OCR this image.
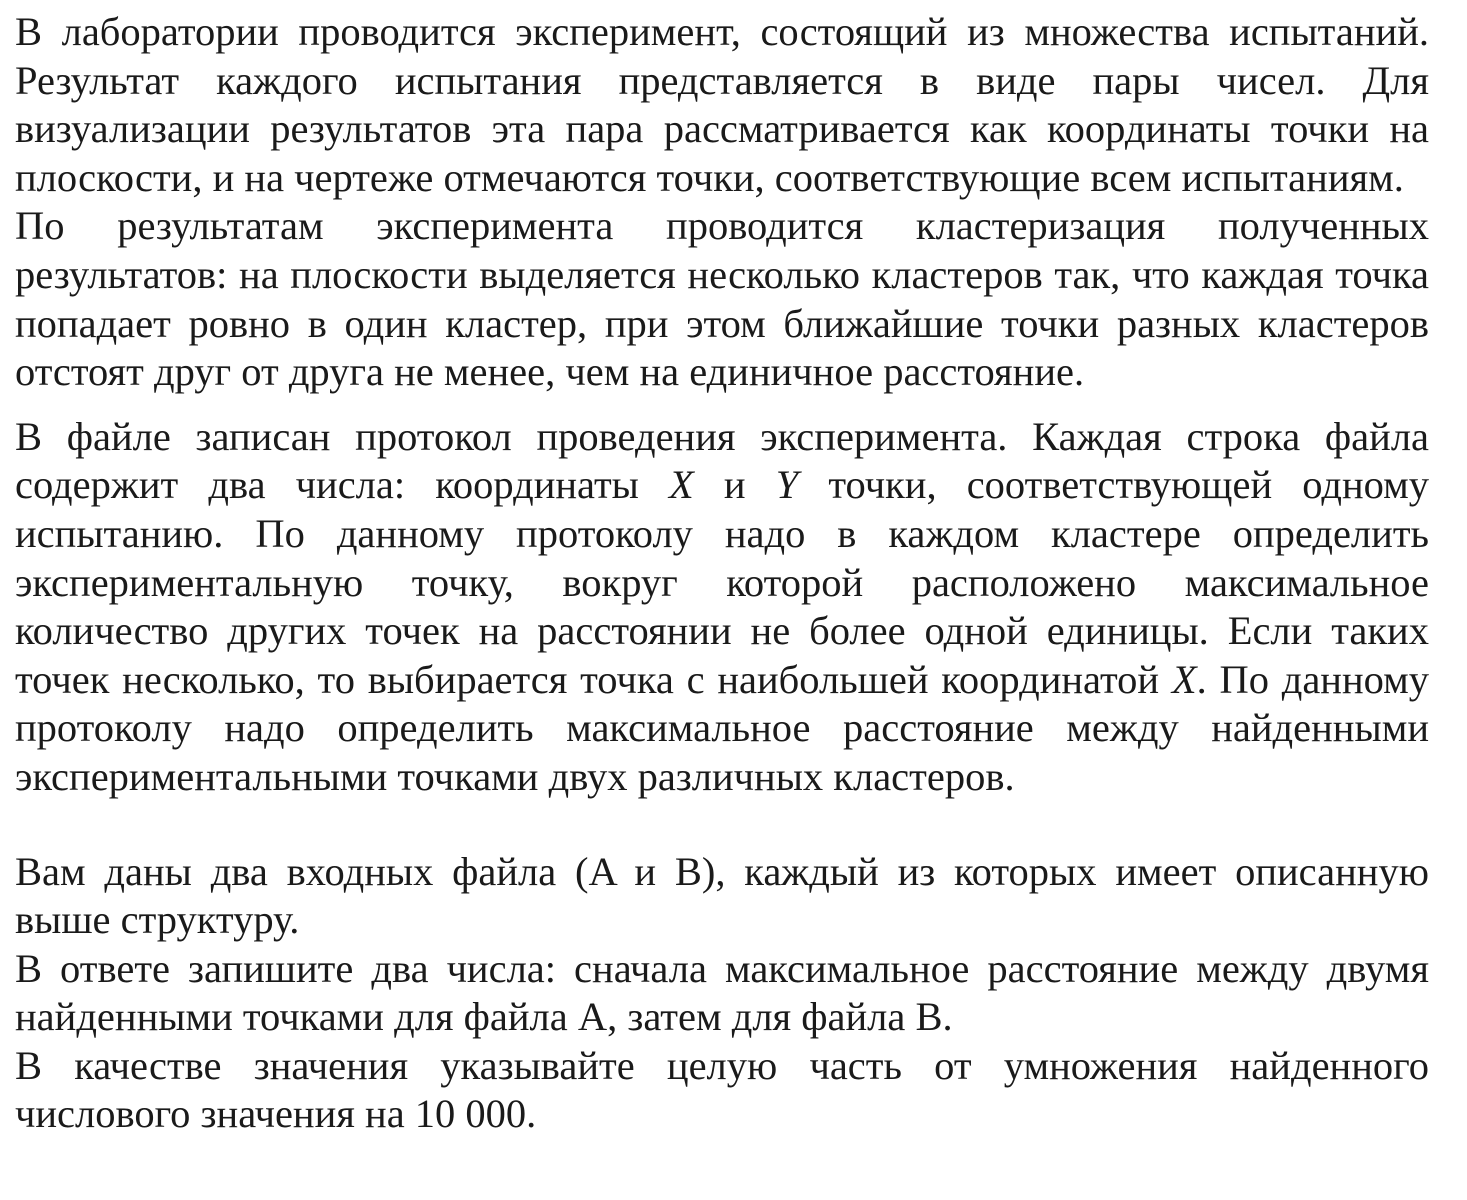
В лаборатории проводится эксперимент, состоящий из множества испытаний. Результат каждого испытания представляется в виде пары чисел. Для визуализации результатов эта пара рассматривается как координаты точки на плоскости, и на чертеже отмечаются точки, соответствующие всем испытаниям.

По результатам эксперимента проводится кластеризация полученных результатов: на плоскости выделяется несколько кластеров так, что каждая точка попадает ровно в один кластер, при этом ближайшие точки разных кластеров отстоят друг от друга не менее, чем на единичное расстояние.

В файле записан протокол проведения эксперимента. Каждая строка файла содержит два числа: координаты X и Y точки, соответствующей одному испытанию. По данному протоколу надо в каждом кластере определить экспериментальную точку, вокруг которой расположено максимальное количество других точек на расстоянии не более одной единицы. Если таких точек несколько, то выбирается точка с наибольшей координатой X. По данному протоколу надо определить максимальное расстояние между найденными экспериментальными точками двух различных кластеров.

Вам даны два входных файла (A и B), каждый из которых имеет описанную выше структуру.

В ответе запишите два числа: сначала максимальное расстояние между двумя найденными точками для файла A, затем для файла B.

В качестве значения указывайте целую часть от умножения найденного числового значения на 10 000.
